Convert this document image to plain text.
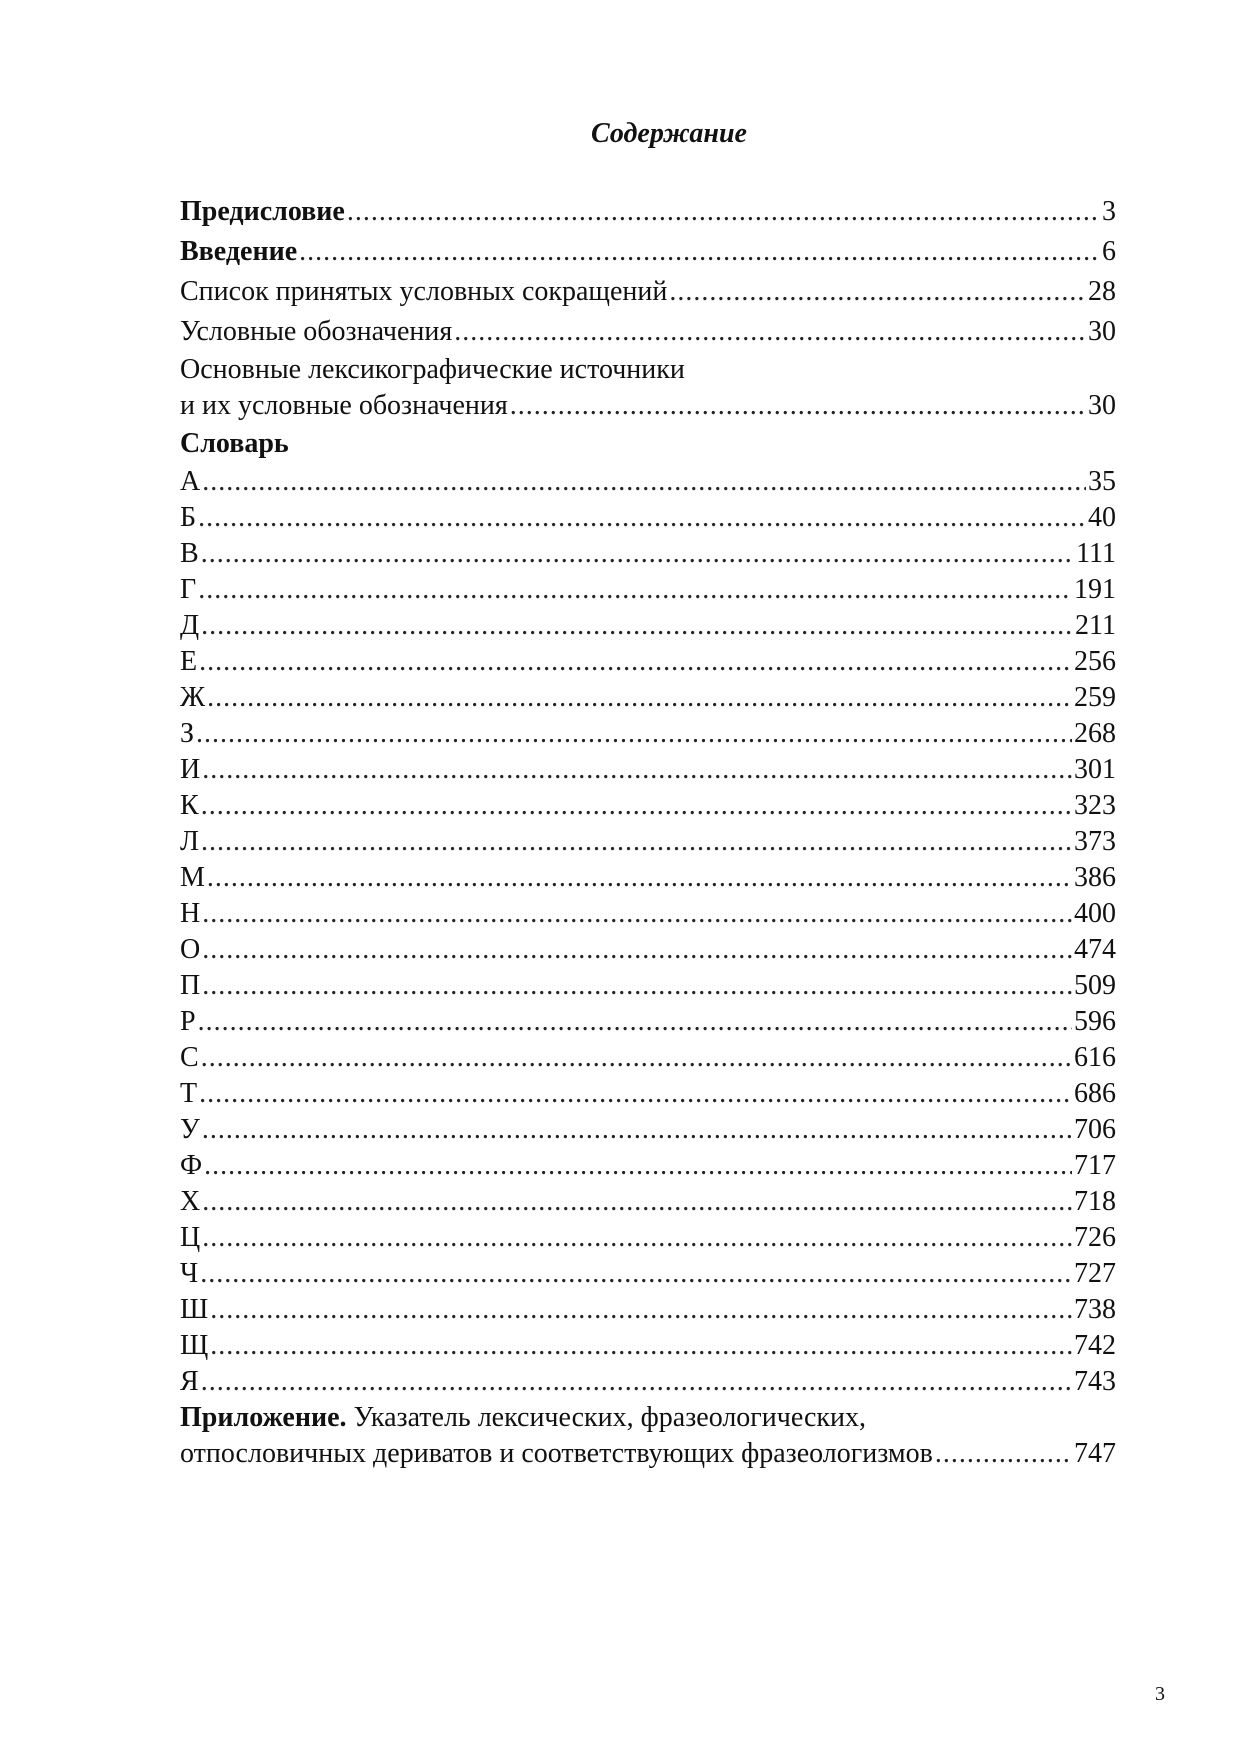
Содержание
Предисловие .....	3
Введение .....	6
Список принятых условных сокращений .....	28
Условные обозначения .....	30
Основные лексикографические источники
и их условные обозначения .....	30
Словарь
А .....	35
Б .....	40
В .....	111
Г .....	191
Д .....	211
Е .....	256
Ж .....	259
З .....	268
И .....	301
К .....	323
Л .....	373
М .....	386
Н .....	400
О .....	474
П .....	509
Р .....	596
С .....	616
Т .....	686
У .....	706
Ф .....	717
Х .....	718
Ц .....	726
Ч .....	727
Ш .....	738
Щ .....	742
Я .....	743
Приложение. Указатель лексических, фразеологических,
отпословичных дериватов и соответствующих фразеологизмов .....	747
3
